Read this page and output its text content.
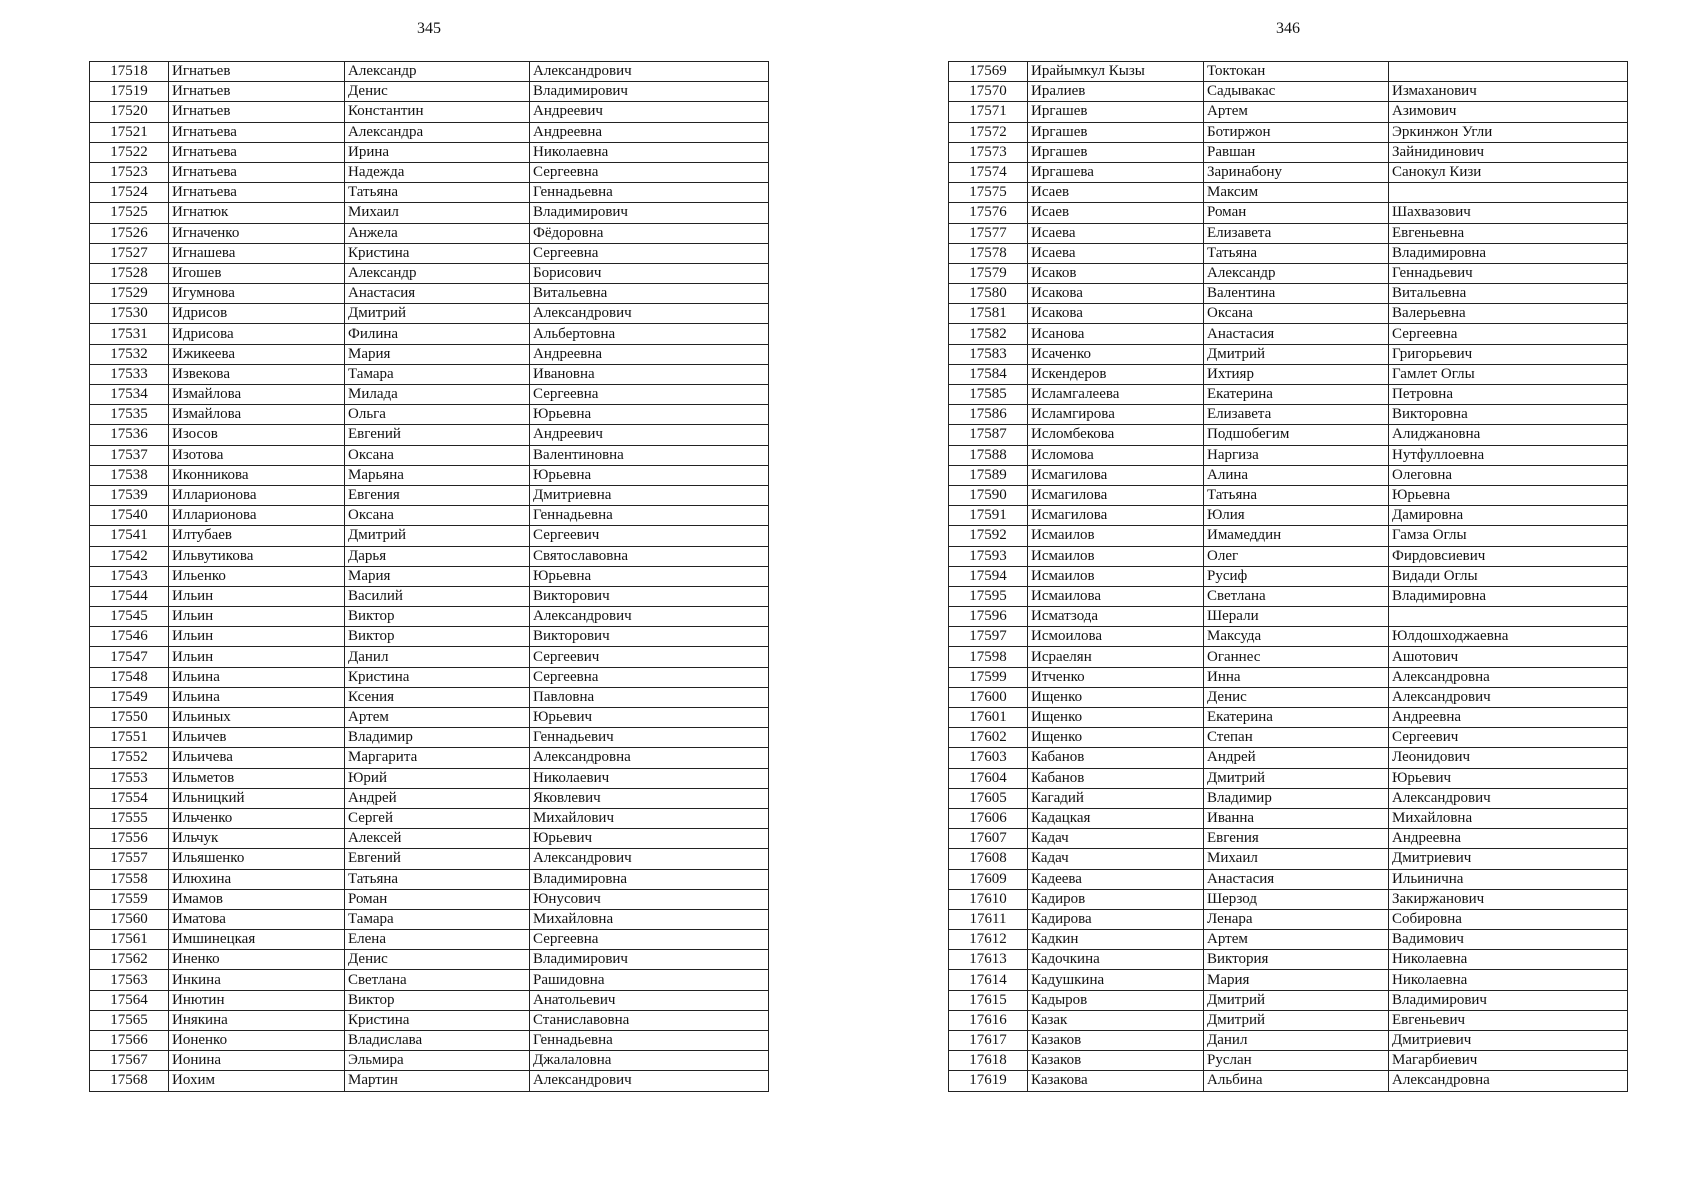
345
17518	Игнатьев	Александр	Александрович
17519	Игнатьев	Денис	Владимирович
17520	Игнатьев	Константин	Андреевич
17521	Игнатьева	Александра	Андреевна
17522	Игнатьева	Ирина	Николаевна
17523	Игнатьева	Надежда	Сергеевна
17524	Игнатьева	Татьяна	Геннадьевна
17525	Игнатюк	Михаил	Владимирович
17526	Игначенко	Анжела	Фёдоровна
17527	Игнашева	Кристина	Сергеевна
17528	Игошев	Александр	Борисович
17529	Игумнова	Анастасия	Витальевна
17530	Идрисов	Дмитрий	Александрович
17531	Идрисова	Филина	Альбертовна
17532	Ижикеева	Мария	Андреевна
17533	Извекова	Тамара	Ивановна
17534	Измайлова	Милада	Сергеевна
17535	Измайлова	Ольга	Юрьевна
17536	Изосов	Евгений	Андреевич
17537	Изотова	Оксана	Валентиновна
17538	Иконникова	Марьяна	Юрьевна
17539	Илларионова	Евгения	Дмитриевна
17540	Илларионова	Оксана	Геннадьевна
17541	Илтубаев	Дмитрий	Сергеевич
17542	Ильвутикова	Дарья	Святославовна
17543	Ильенко	Мария	Юрьевна
17544	Ильин	Василий	Викторович
17545	Ильин	Виктор	Александрович
17546	Ильин	Виктор	Викторович
17547	Ильин	Данил	Сергеевич
17548	Ильина	Кристина	Сергеевна
17549	Ильина	Ксения	Павловна
17550	Ильиных	Артем	Юрьевич
17551	Ильичев	Владимир	Геннадьевич
17552	Ильичева	Маргарита	Александровна
17553	Ильметов	Юрий	Николаевич
17554	Ильницкий	Андрей	Яковлевич
17555	Ильченко	Сергей	Михайлович
17556	Ильчук	Алексей	Юрьевич
17557	Ильяшенко	Евгений	Александрович
17558	Илюхина	Татьяна	Владимировна
17559	Имамов	Роман	Юнусович
17560	Иматова	Тамара	Михайловна
17561	Имшинецкая	Елена	Сергеевна
17562	Иненко	Денис	Владимирович
17563	Инкина	Светлана	Рашидовна
17564	Инютин	Виктор	Анатольевич
17565	Инякина	Кристина	Станиславовна
17566	Ионенко	Владислава	Геннадьевна
17567	Ионина	Эльмира	Джалаловна
17568	Иохим	Мартин	Александрович
346
17569	Ирайымкул Кызы	Токтокан	
17570	Иралиев	Садывакас	Измаханович
17571	Иргашев	Артем	Азимович
17572	Иргашев	Ботиржон	Эркинжон Угли
17573	Иргашев	Равшан	Зайнидинович
17574	Иргашева	Заринабону	Санокул Кизи
17575	Исаев	Максим	
17576	Исаев	Роман	Шахвазович
17577	Исаева	Елизавета	Евгеньевна
17578	Исаева	Татьяна	Владимировна
17579	Исаков	Александр	Геннадьевич
17580	Исакова	Валентина	Витальевна
17581	Исакова	Оксана	Валерьевна
17582	Исанова	Анастасия	Сергеевна
17583	Исаченко	Дмитрий	Григорьевич
17584	Искендеров	Ихтияр	Гамлет Оглы
17585	Исламгалеева	Екатерина	Петровна
17586	Исламгирова	Елизавета	Викторовна
17587	Исломбекова	Подшобегим	Алиджановна
17588	Исломова	Наргиза	Нутфуллоевна
17589	Исмагилова	Алина	Олеговна
17590	Исмагилова	Татьяна	Юрьевна
17591	Исмагилова	Юлия	Дамировна
17592	Исмаилов	Имамеддин	Гамза Оглы
17593	Исмаилов	Олег	Фирдовсиевич
17594	Исмаилов	Русиф	Видади Оглы
17595	Исмаилова	Светлана	Владимировна
17596	Исматзода	Шерали	
17597	Исмоилова	Максуда	Юлдошходжаевна
17598	Исраелян	Оганнес	Ашотович
17599	Итченко	Инна	Александровна
17600	Ищенко	Денис	Александрович
17601	Ищенко	Екатерина	Андреевна
17602	Ищенко	Степан	Сергеевич
17603	Кабанов	Андрей	Леонидович
17604	Кабанов	Дмитрий	Юрьевич
17605	Кагадий	Владимир	Александрович
17606	Кадацкая	Иванна	Михайловна
17607	Кадач	Евгения	Андреевна
17608	Кадач	Михаил	Дмитриевич
17609	Кадеева	Анастасия	Ильинична
17610	Кадиров	Шерзод	Закиржанович
17611	Кадирова	Ленара	Собировна
17612	Кадкин	Артем	Вадимович
17613	Кадочкина	Виктория	Николаевна
17614	Кадушкина	Мария	Николаевна
17615	Кадыров	Дмитрий	Владимирович
17616	Казак	Дмитрий	Евгеньевич
17617	Казаков	Данил	Дмитриевич
17618	Казаков	Руслан	Магарбиевич
17619	Казакова	Альбина	Александровна
